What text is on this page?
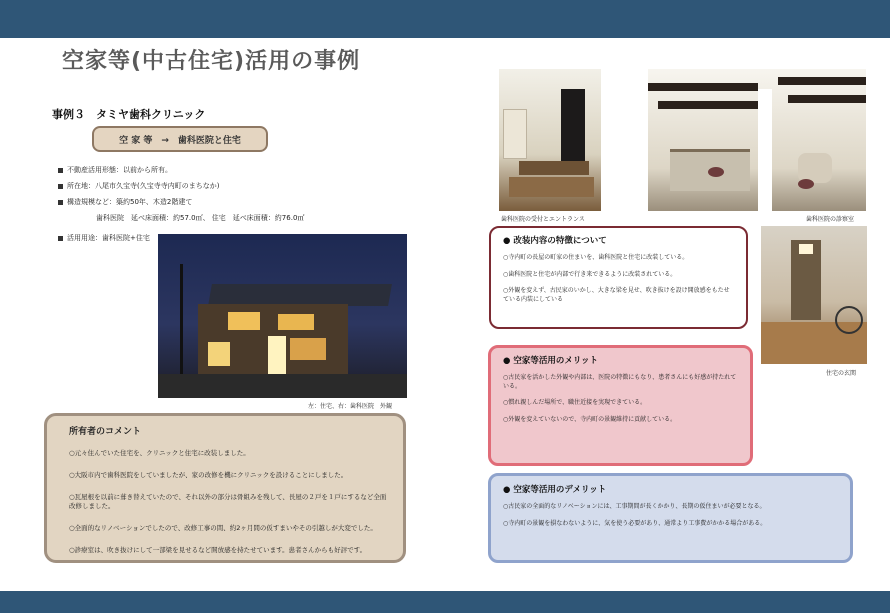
空家等(中古住宅)活用の事例
事例３　タミヤ歯科クリニック
空 家 等　→　歯科医院と住宅
不動産活用形態：以前から所有。
所在地：八尾市久宝寺(久宝寺寺内町のまちなか)
構造規模など：築約50年、木造2階建て
歯科医院　延べ床面積：約57.0㎡、 住宅　延べ床面積：約76.0㎡
活用用途：歯科医院+住宅
左：住宅、右：歯科医院　外観
所有者のコメント
○元々住んでいた住宅を、クリニックと住宅に改装しました。
○大阪市内で歯科医院をしていましたが、家の改修を機にクリニックを設けることにしました。
○瓦屋根を以前に葺き替えていたので、それ以外の部分は骨組みを残して、長屋の２戸を１戸にするなど全面改修しました。
○全面的なリノベーションでしたので、改修工事の間、約2ヶ月間の仮すまいやその引越しが大変でした。
○診療室は、吹き抜けにして一部梁を見せるなど開放感を持たせています。患者さんからも好評です。
歯科医院の受付とエントランス	歯科医院の診察室
住宅の玄関
● 改装内容の特徴について
○寺内町の長屋の町家の住まいを、歯科医院と住宅に改装している。
○歯科医院と住宅が内部で行き来できるように改装されている。
○外観を変えず、古民家のいかし、大きな梁を見せ、吹き抜けを設け開放感をもたせている内装にしている
● 空家等活用のメリット
○古民家を活かした外観や内部は、医院の特徴にもなり、患者さんにも好感が持たれている。
○慣れ親しんだ場所で、職住近接を実現できている。
○外観を変えていないので、寺内町の景観維持に貢献している。
● 空家等活用のデメリット
○古民家の全面的なリノベーションには、工事期間が長くかかり、長期の仮住まいが必要となる。
○寺内町の景観を損なわないように、気を使う必要があり、通常より工事費がかかる場合がある。
